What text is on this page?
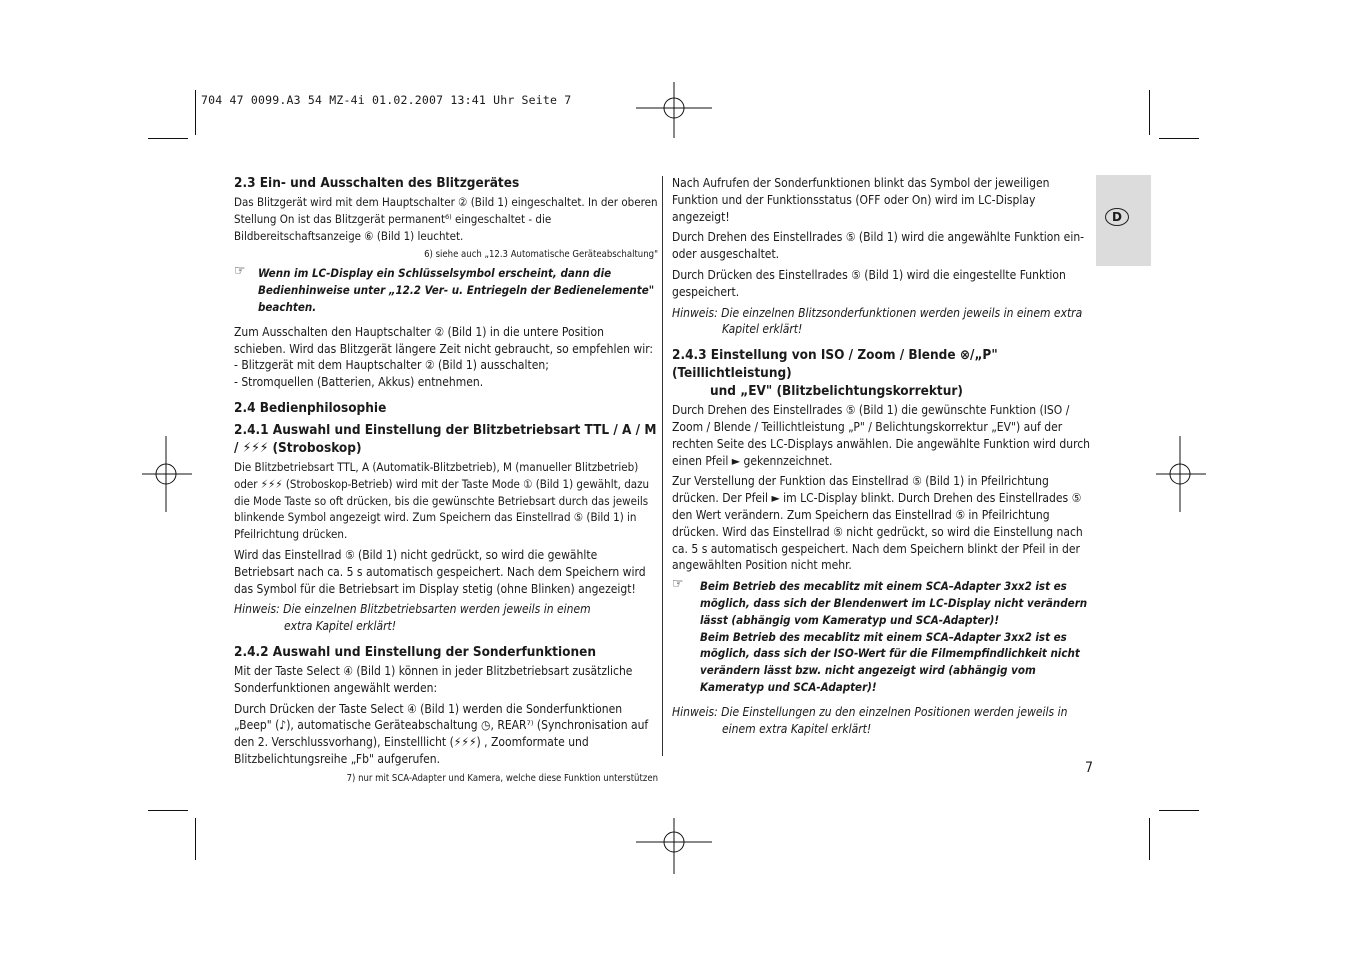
704 47 0099.A3 54 MZ-4i 01.02.2007 13:41 Uhr Seite 7
D
2.3 Ein- und Ausschalten des Blitzgerätes

Das Blitzgerät wird mit dem Hauptschalter ② (Bild 1) eingeschaltet. In der oberen Stellung On ist das Blitzgerät permanent⁶⁾ eingeschaltet - die Bildbereitschaftsanzeige ⑥ (Bild 1) leuchtet.

6) siehe auch „12.3 Automatische Geräteabschaltung"
☞	Wenn im LC-Display ein Schlüsselsymbol erscheint, dann die Bedienhinweise unter „12.2 Ver- u. Entriegeln der Bedienelemente" beachten.

Zum Ausschalten den Hauptschalter ② (Bild 1) in die untere Position schieben. Wird das Blitzgerät längere Zeit nicht gebraucht, so empfehlen wir:

- Blitzgerät mit dem Hauptschalter ② (Bild 1) ausschalten;

- Stromquellen (Batterien, Akkus) entnehmen.

2.4 Bedienphilosophie
2.4.1 Auswahl und Einstellung der Blitzbetriebsart TTL / A / M / ⚡⚡⚡ (Stroboskop)

Die Blitzbetriebsart TTL, A (Automatik-Blitzbetrieb), M (manueller Blitzbetrieb) oder ⚡⚡⚡ (Stroboskop-Betrieb) wird mit der Taste Mode ① (Bild 1) gewählt, dazu die Mode Taste so oft drücken, bis die gewünschte Betriebsart durch das jeweils blinkende Symbol angezeigt wird. Zum Speichern das Einstellrad ⑤ (Bild 1) in Pfeilrichtung drücken.

Wird das Einstellrad ⑤ (Bild 1) nicht gedrückt, so wird die gewählte Betriebsart nach ca. 5 s automatisch gespeichert. Nach dem Speichern wird das Symbol für die Betriebsart im Display stetig (ohne Blinken) angezeigt!

Hinweis: Die einzelnen Blitzbetriebsarten werden jeweils in einem

extra Kapitel erklärt!

2.4.2 Auswahl und Einstellung der Sonderfunktionen

Mit der Taste Select ④ (Bild 1) können in jeder Blitzbetriebsart zusätzliche Sonderfunktionen angewählt werden:

Durch Drücken der Taste Select ④ (Bild 1) werden die Sonderfunktionen „Beep" (♪), automatische Geräteabschaltung ◷, REAR⁷⁾ (Synchronisation auf den 2. Verschlussvorhang), Einstelllicht (⚡⚡⚡) , Zoomformate und Blitzbelichtungsreihe „Fb" aufgerufen.

7) nur mit SCA-Adapter und Kamera, welche diese Funktion unterstützen

Nach Aufrufen der Sonderfunktionen blinkt das Symbol der jeweiligen Funktion und der Funktionsstatus (OFF oder On) wird im LC-Display angezeigt!

Durch Drehen des Einstellrades ⑤ (Bild 1) wird die angewählte Funktion ein- oder ausgeschaltet.

Durch Drücken des Einstellrades ⑤ (Bild 1) wird die eingestellte Funktion gespeichert.

Hinweis: Die einzelnen Blitzsonderfunktionen werden jeweils in einem extra

Kapitel erklärt!

2.4.3 Einstellung von ISO / Zoom / Blende ⊗/„P" (Teillichtleistung)
und „EV" (Blitzbelichtungskorrektur)

Durch Drehen des Einstellrades ⑤ (Bild 1) die gewünschte Funktion (ISO / Zoom / Blende / Teillichtleistung „P" / Belichtungskorrektur „EV") auf der rechten Seite des LC-Displays anwählen. Die angewählte Funktion wird durch einen Pfeil ► gekennzeichnet.

Zur Verstellung der Funktion das Einstellrad ⑤ (Bild 1) in Pfeilrichtung drücken. Der Pfeil ► im LC-Display blinkt. Durch Drehen des Einstellrades ⑤ den Wert verändern. Zum Speichern das Einstellrad ⑤ in Pfeilrichtung drücken. Wird das Einstellrad ⑤ nicht gedrückt, so wird die Einstellung nach ca. 5 s automatisch gespeichert. Nach dem Speichern blinkt der Pfeil in der angewählten Position nicht mehr.

☞	Beim Betrieb des mecablitz mit einem SCA–Adapter 3xx2 ist es möglich, dass sich der Blendenwert im LC-Display nicht verändern lässt (abhängig vom Kameratyp und SCA-Adapter)!

Beim Betrieb des mecablitz mit einem SCA–Adapter 3xx2 ist es möglich, dass sich der ISO-Wert für die Filmempfindlichkeit nicht verändern lässt bzw. nicht angezeigt wird (abhängig vom Kameratyp und SCA-Adapter)!

Hinweis: Die Einstellungen zu den einzelnen Positionen werden jeweils in

einem extra Kapitel erklärt!

7
